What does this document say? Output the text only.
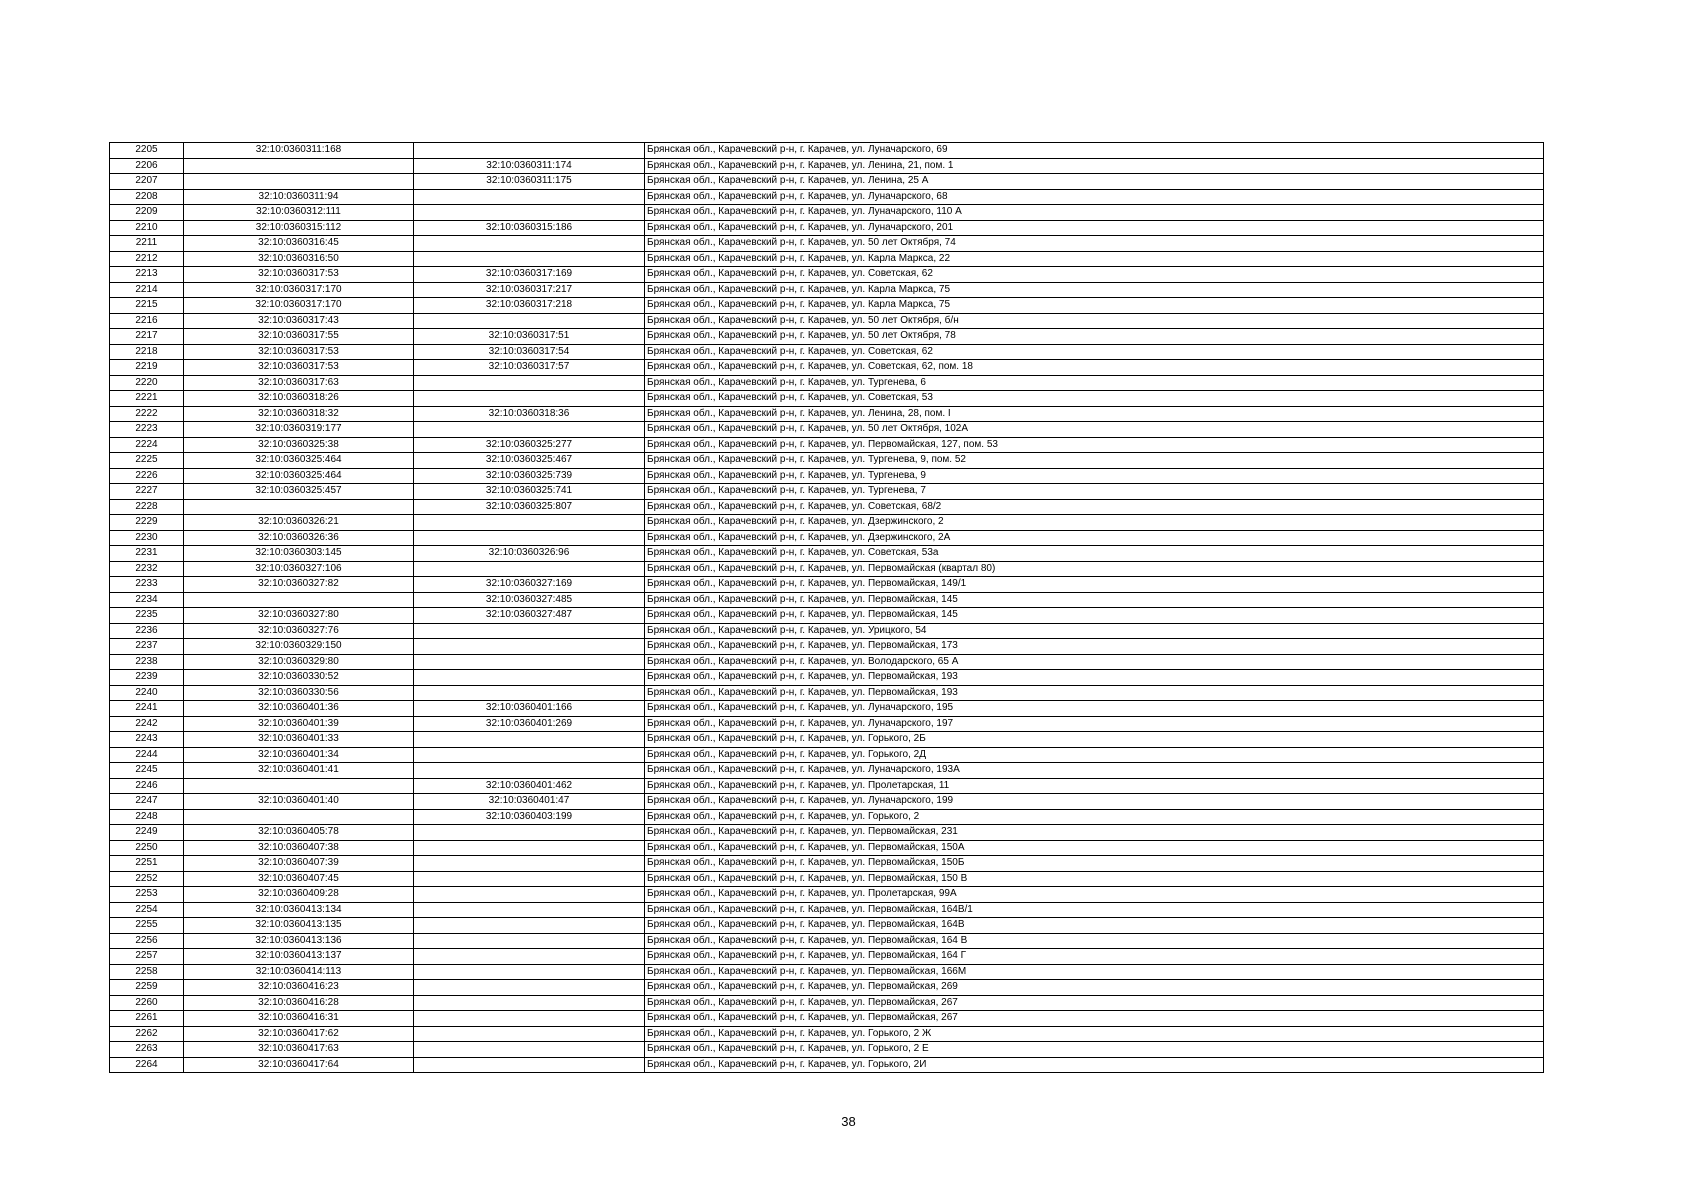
2205	32:10:0360311:168		Брянская обл., Карачевский р-н, г. Карачев, ул. Луначарского, 69
2206		32:10:0360311:174	Брянская обл., Карачевский р-н, г. Карачев, ул. Ленина, 21, пом. 1
2207		32:10:0360311:175	Брянская обл., Карачевский р-н, г. Карачев, ул. Ленина, 25 А
2208	32:10:0360311:94		Брянская обл., Карачевский р-н, г. Карачев, ул. Луначарского, 68
2209	32:10:0360312:111		Брянская обл., Карачевский р-н, г. Карачев, ул. Луначарского, 110 А
2210	32:10:0360315:112	32:10:0360315:186	Брянская обл., Карачевский р-н, г. Карачев, ул. Луначарского, 201
2211	32:10:0360316:45		Брянская обл., Карачевский р-н, г. Карачев, ул. 50 лет Октября, 74
2212	32:10:0360316:50		Брянская обл., Карачевский р-н, г. Карачев, ул. Карла Маркса, 22
2213	32:10:0360317:53	32:10:0360317:169	Брянская обл., Карачевский р-н, г. Карачев, ул. Советская, 62
2214	32:10:0360317:170	32:10:0360317:217	Брянская обл., Карачевский р-н, г. Карачев, ул. Карла Маркса, 75
2215	32:10:0360317:170	32:10:0360317:218	Брянская обл., Карачевский р-н, г. Карачев, ул. Карла Маркса, 75
2216	32:10:0360317:43		Брянская обл., Карачевский р-н, г. Карачев, ул. 50 лет Октября, б/н
2217	32:10:0360317:55	32:10:0360317:51	Брянская обл., Карачевский р-н, г. Карачев, ул. 50 лет Октября, 78
2218	32:10:0360317:53	32:10:0360317:54	Брянская обл., Карачевский р-н, г. Карачев, ул. Советская, 62
2219	32:10:0360317:53	32:10:0360317:57	Брянская обл., Карачевский р-н, г. Карачев, ул. Советская, 62, пом. 18
2220	32:10:0360317:63		Брянская обл., Карачевский р-н, г. Карачев, ул. Тургенева, 6
2221	32:10:0360318:26		Брянская обл., Карачевский р-н, г. Карачев, ул. Советская, 53
2222	32:10:0360318:32	32:10:0360318:36	Брянская обл., Карачевский р-н, г. Карачев, ул. Ленина, 28, пом. I
2223	32:10:0360319:177		Брянская обл., Карачевский р-н, г. Карачев, ул. 50 лет Октября, 102А
2224	32:10:0360325:38	32:10:0360325:277	Брянская обл., Карачевский р-н, г. Карачев, ул. Первомайская, 127, пом. 53
2225	32:10:0360325:464	32:10:0360325:467	Брянская обл., Карачевский р-н, г. Карачев, ул. Тургенева, 9, пом. 52
2226	32:10:0360325:464	32:10:0360325:739	Брянская обл., Карачевский р-н, г. Карачев, ул. Тургенева, 9
2227	32:10:0360325:457	32:10:0360325:741	Брянская обл., Карачевский р-н, г. Карачев, ул. Тургенева, 7
2228		32:10:0360325:807	Брянская обл., Карачевский р-н, г. Карачев, ул. Советская, 68/2
2229	32:10:0360326:21		Брянская обл., Карачевский р-н, г. Карачев, ул. Дзержинского, 2
2230	32:10:0360326:36		Брянская обл., Карачевский р-н, г. Карачев, ул. Дзержинского, 2А
2231	32:10:0360303:145	32:10:0360326:96	Брянская обл., Карачевский р-н, г. Карачев, ул. Советская, 53а
2232	32:10:0360327:106		Брянская обл., Карачевский р-н, г. Карачев, ул. Первомайская (квартал 80)
2233	32:10:0360327:82	32:10:0360327:169	Брянская обл., Карачевский р-н, г. Карачев, ул. Первомайская, 149/1
2234		32:10:0360327:485	Брянская обл., Карачевский р-н, г. Карачев, ул. Первомайская, 145
2235	32:10:0360327:80	32:10:0360327:487	Брянская обл., Карачевский р-н, г. Карачев, ул. Первомайская, 145
2236	32:10:0360327:76		Брянская обл., Карачевский р-н, г. Карачев, ул. Урицкого, 54
2237	32:10:0360329:150		Брянская обл., Карачевский р-н, г. Карачев, ул. Первомайская, 173
2238	32:10:0360329:80		Брянская обл., Карачевский р-н, г. Карачев, ул. Володарского, 65 А
2239	32:10:0360330:52		Брянская обл., Карачевский р-н, г. Карачев, ул. Первомайская, 193
2240	32:10:0360330:56		Брянская обл., Карачевский р-н, г. Карачев, ул. Первомайская, 193
2241	32:10:0360401:36	32:10:0360401:166	Брянская обл., Карачевский р-н, г. Карачев, ул. Луначарского, 195
2242	32:10:0360401:39	32:10:0360401:269	Брянская обл., Карачевский р-н, г. Карачев, ул. Луначарского, 197
2243	32:10:0360401:33		Брянская обл., Карачевский р-н, г. Карачев, ул. Горького, 2Б
2244	32:10:0360401:34		Брянская обл., Карачевский р-н, г. Карачев, ул. Горького, 2Д
2245	32:10:0360401:41		Брянская обл., Карачевский р-н, г. Карачев, ул. Луначарского, 193А
2246		32:10:0360401:462	Брянская обл., Карачевский р-н, г. Карачев, ул. Пролетарская, 11
2247	32:10:0360401:40	32:10:0360401:47	Брянская обл., Карачевский р-н, г. Карачев, ул. Луначарского, 199
2248		32:10:0360403:199	Брянская обл., Карачевский р-н, г. Карачев, ул. Горького, 2
2249	32:10:0360405:78		Брянская обл., Карачевский р-н, г. Карачев, ул. Первомайская, 231
2250	32:10:0360407:38		Брянская обл., Карачевский р-н, г. Карачев, ул. Первомайская, 150А
2251	32:10:0360407:39		Брянская обл., Карачевский р-н, г. Карачев, ул. Первомайская, 150Б
2252	32:10:0360407:45		Брянская обл., Карачевский р-н, г. Карачев, ул. Первомайская, 150 В
2253	32:10:0360409:28		Брянская обл., Карачевский р-н, г. Карачев, ул. Пролетарская, 99А
2254	32:10:0360413:134		Брянская обл., Карачевский р-н, г. Карачев, ул. Первомайская, 164В/1
2255	32:10:0360413:135		Брянская обл., Карачевский р-н, г. Карачев, ул. Первомайская, 164В
2256	32:10:0360413:136		Брянская обл., Карачевский р-н, г. Карачев, ул. Первомайская, 164 В
2257	32:10:0360413:137		Брянская обл., Карачевский р-н, г. Карачев, ул. Первомайская, 164 Г
2258	32:10:0360414:113		Брянская обл., Карачевский р-н, г. Карачев, ул. Первомайская, 166М
2259	32:10:0360416:23		Брянская обл., Карачевский р-н, г. Карачев, ул. Первомайская, 269
2260	32:10:0360416:28		Брянская обл., Карачевский р-н, г. Карачев, ул. Первомайская, 267
2261	32:10:0360416:31		Брянская обл., Карачевский р-н, г. Карачев, ул. Первомайская, 267
2262	32:10:0360417:62		Брянская обл., Карачевский р-н, г. Карачев, ул. Горького, 2 Ж
2263	32:10:0360417:63		Брянская обл., Карачевский р-н, г. Карачев, ул. Горького, 2 Е
2264	32:10:0360417:64		Брянская обл., Карачевский р-н, г. Карачев, ул. Горького, 2И
38
